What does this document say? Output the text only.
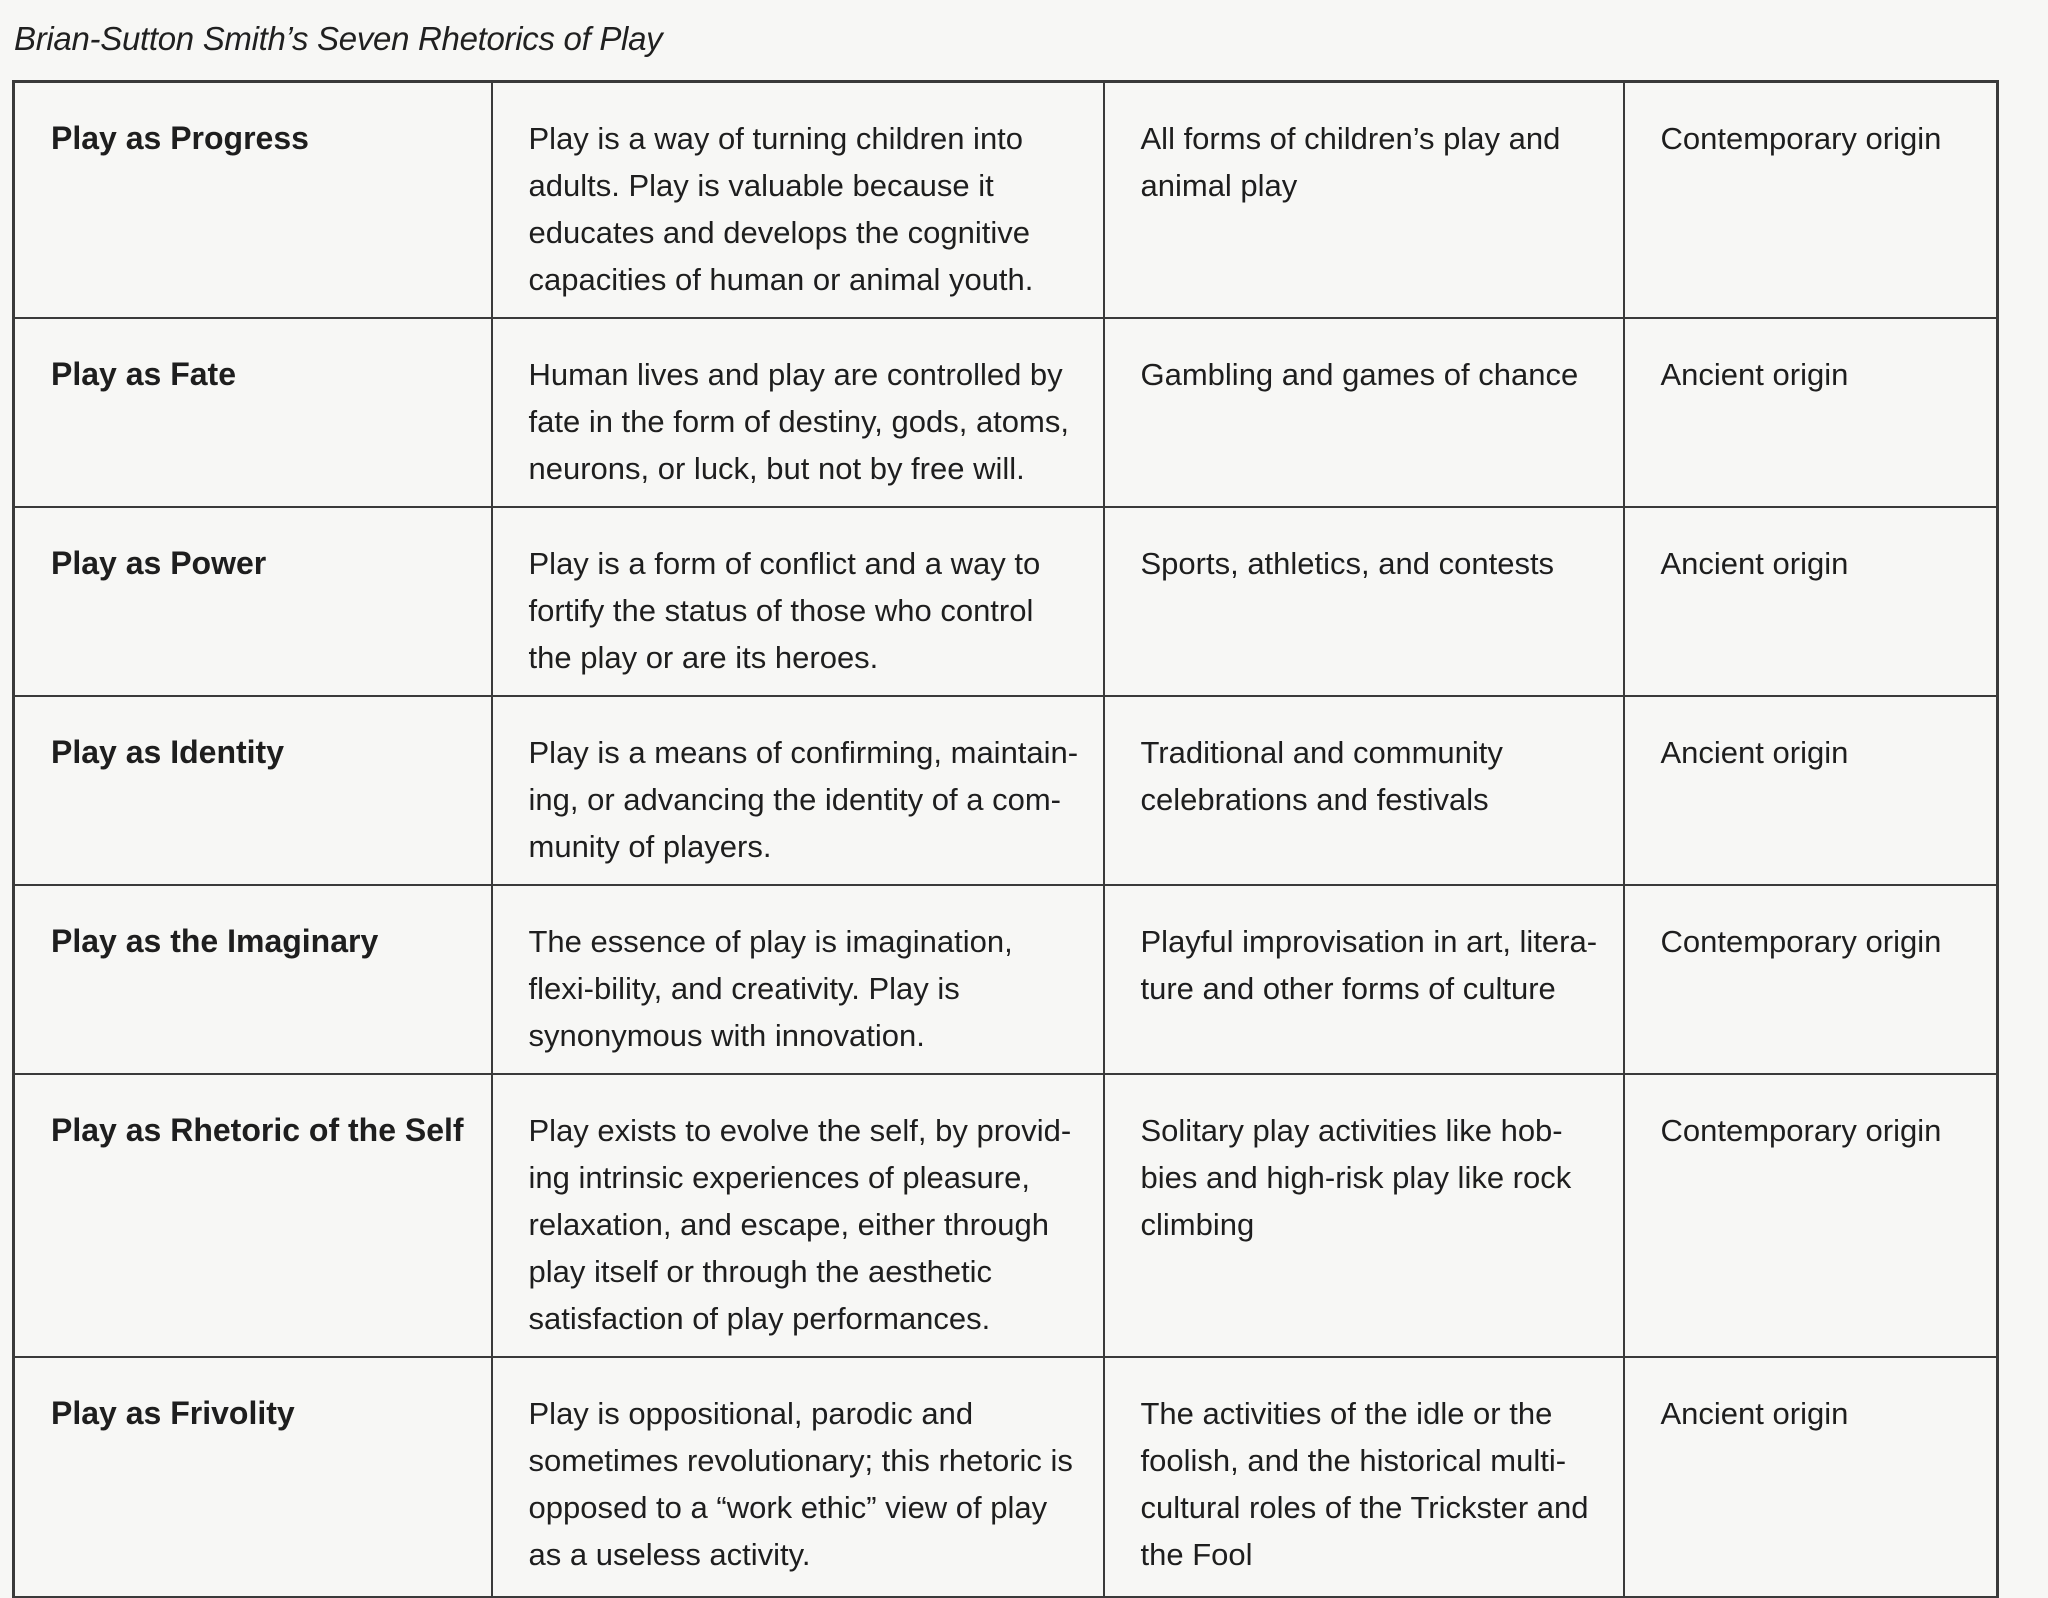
Brian-Sutton Smith’s Seven Rhetorics of Play
Play as Progress	Play is a way of turning children into adults. Play is valuable because it educates and develops the cognitive capacities of human or animal youth.	All forms of children’s play and animal play	Contemporary origin
Play as Fate	Human lives and play are controlled by fate in the form of destiny, gods, atoms, neurons, or luck, but not by free will.	Gambling and games of chance	Ancient origin
Play as Power	Play is a form of conflict and a way to fortify the status of those who control the play or are its heroes.	Sports, athletics, and contests	Ancient origin
Play as Identity	Play is a means of confirming, maintain-ing, or advancing the identity of a com-munity of players.	Traditional and community celebrations and festivals	Ancient origin
Play as the Imaginary	The essence of play is imagination, flexi-bility, and creativity. Play is synonymous with innovation.	Playful improvisation in art, litera-ture and other forms of culture	Contemporary origin
Play as Rhetoric of the Self	Play exists to evolve the self, by provid-ing intrinsic experiences of pleasure, relaxation, and escape, either through play itself or through the aesthetic satisfaction of play performances.	Solitary play activities like hob-bies and high-risk play like rock climbing	Contemporary origin
Play as Frivolity	Play is oppositional, parodic and sometimes revolutionary; this rhetoric is opposed to a “work ethic” view of play as a useless activity.	The activities of the idle or the foolish, and the historical multi-cultural roles of the Trickster and the Fool	Ancient origin
